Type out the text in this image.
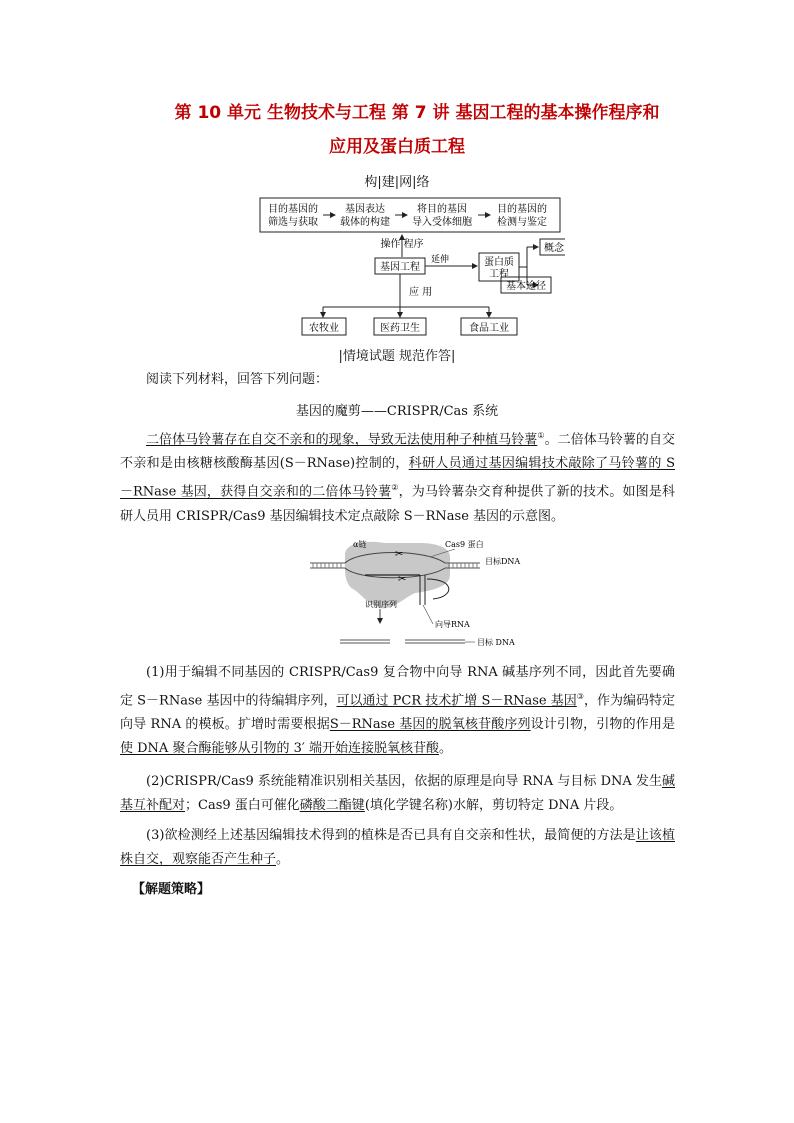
第 10 单元 生物技术与工程 第 7 讲 基因工程的基本操作程序和
应用及蛋白质工程
构|建|网|络
目的基因的筛选与获取
基因表达载体的构建
将目的基因导入受体细胞
目的基因的检测与鉴定
操作 程序
基因工程
延伸	蛋白质工程
概念
基本途径
应 用
农牧业	医药卫生	食品工业
|情境试题 规范作答|
阅读下列材料，回答下列问题：
基因的魔剪——CRISPR/Cas 系统
二倍体马铃薯存在自交不亲和的现象，导致无法使用种子种植马铃薯①。二倍体马铃薯的自交不亲和是由核糖核酸酶基因(S－RNase)控制的，科研人员通过基因编辑技术敲除了马铃薯的 S－RNase 基因，获得自交亲和的二倍体马铃薯②，为马铃薯杂交育种提供了新的技术。如图是科研人员用 CRISPR/Cas9 基因编辑技术定点敲除 S－RNase 基因的示意图。
✂
✂
α链	Cas9 蛋白
目标DNA
识别序列
向导RNA
目标 DNA
(1)用于编辑不同基因的 CRISPR/Cas9 复合物中向导 RNA 碱基序列不同，因此首先要确定 S－RNase 基因中的待编辑序列，可以通过 PCR 技术扩增 S－RNase 基因③，作为编码特定向导 RNA 的模板。扩增时需要根据S－RNase 基因的脱氧核苷酸序列设计引物，引物的作用是使 DNA 聚合酶能够从引物的 3′ 端开始连接脱氧核苷酸。
(2)CRISPR/Cas9 系统能精准识别相关基因，依据的原理是向导 RNA 与目标 DNA 发生碱基互补配对；Cas9 蛋白可催化磷酸二酯键(填化学键名称)水解，剪切特定 DNA 片段。
(3)欲检测经上述基因编辑技术得到的植株是否已具有自交亲和性状，最简便的方法是让该植株自交，观察能否产生种子。
【解题策略】
